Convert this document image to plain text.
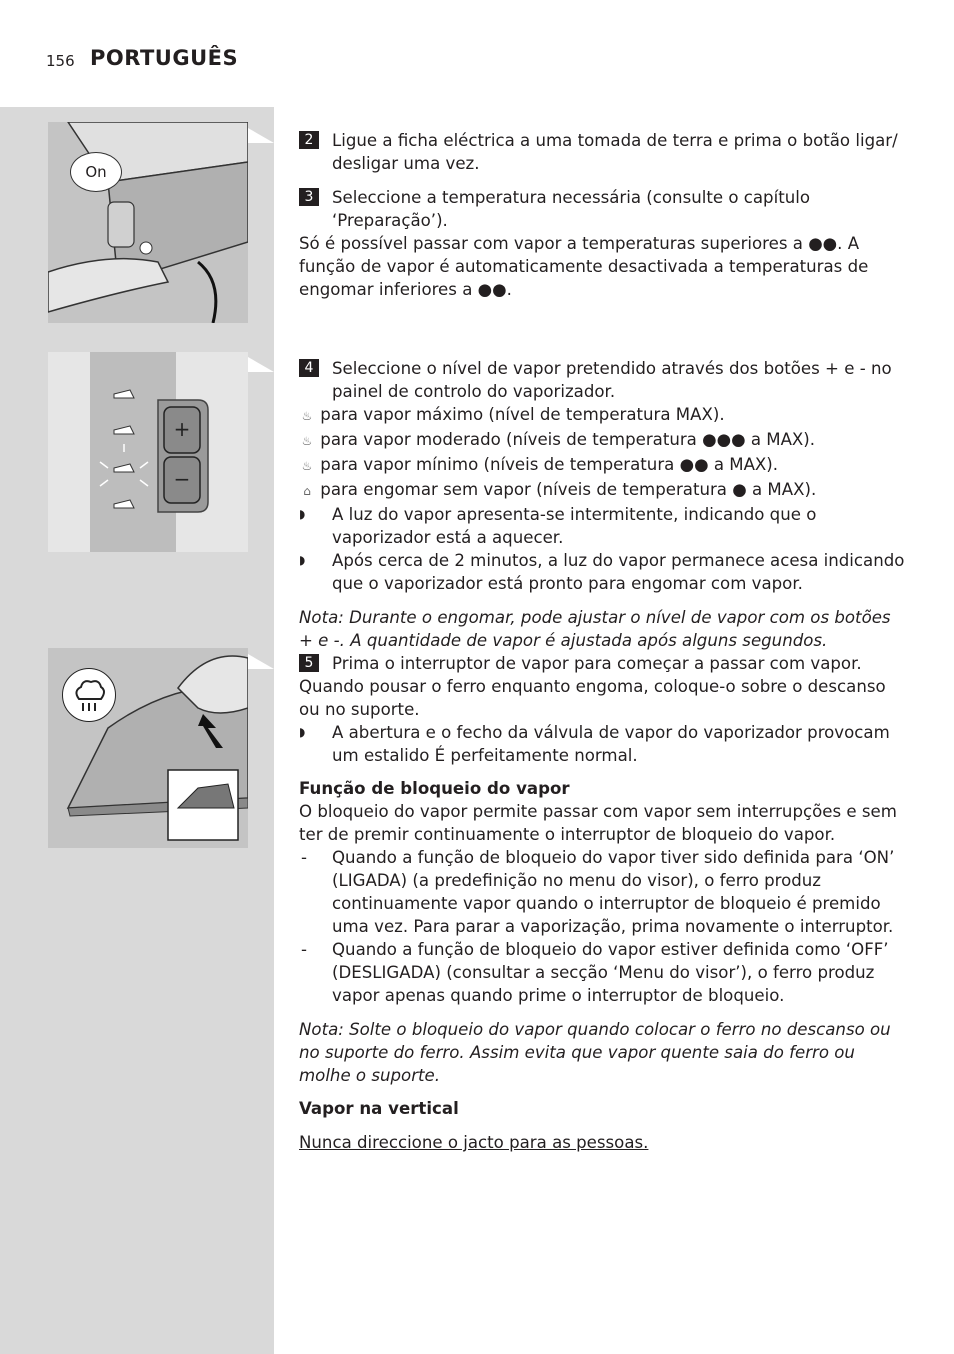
156 PORTUGUÊS
On
+
−
2	Ligue a ficha eléctrica a uma tomada de terra e prima o botão ligar/ desligar uma vez.
3	Seleccione a temperatura necessária (consulte o capítulo ‘Preparação’).

Só é possível passar com vapor a temperaturas superiores a ●●. A função de vapor é automaticamente desactivada a temperaturas de engomar inferiores a ●●.

4	Seleccione o nível de vapor pretendido através dos botões + e - no painel de controlo do vaporizador.
♨ para vapor máximo (nível de temperatura MAX).
♨ para vapor moderado (níveis de temperatura ●●● a MAX).
♨ para vapor mínimo (níveis de temperatura ●● a MAX).
⌂ para engomar sem vapor (níveis de temperatura ● a MAX).
◗	A luz do vapor apresenta-se intermitente, indicando que o vaporizador está a aquecer.
◗	Após cerca de 2 minutos, a luz do vapor permanece acesa indicando que o vaporizador está pronto para engomar com vapor.

Nota: Durante o engomar, pode ajustar o nível de vapor com os botões + e -. A quantidade de vapor é ajustada após alguns segundos.

5	Prima o interruptor de vapor para começar a passar com vapor.

Quando pousar o ferro enquanto engoma, coloque-o sobre o descanso ou no suporte.

◗	A abertura e o fecho da válvula de vapor do vaporizador provocam um estalido É perfeitamente normal.

Função de bloqueio do vapor

O bloqueio do vapor permite passar com vapor sem interrupções e sem ter de premir continuamente o interruptor de bloqueio do vapor.

-	Quando a função de bloqueio do vapor tiver sido definida para ‘ON’ (LIGADA) (a predefinição no menu do visor), o ferro produz continuamente vapor quando o interruptor de bloqueio é premido uma vez. Para parar a vaporização, prima novamente o interruptor.
-	Quando a função de bloqueio do vapor estiver definida como ‘OFF’ (DESLIGADA) (consultar a secção ‘Menu do visor’), o ferro produz vapor apenas quando prime o interruptor de bloqueio.

Nota: Solte o bloqueio do vapor quando colocar o ferro no descanso ou no suporte do ferro. Assim evita que vapor quente saia do ferro ou molhe o suporte.

Vapor na vertical

Nunca direccione o jacto para as pessoas.
